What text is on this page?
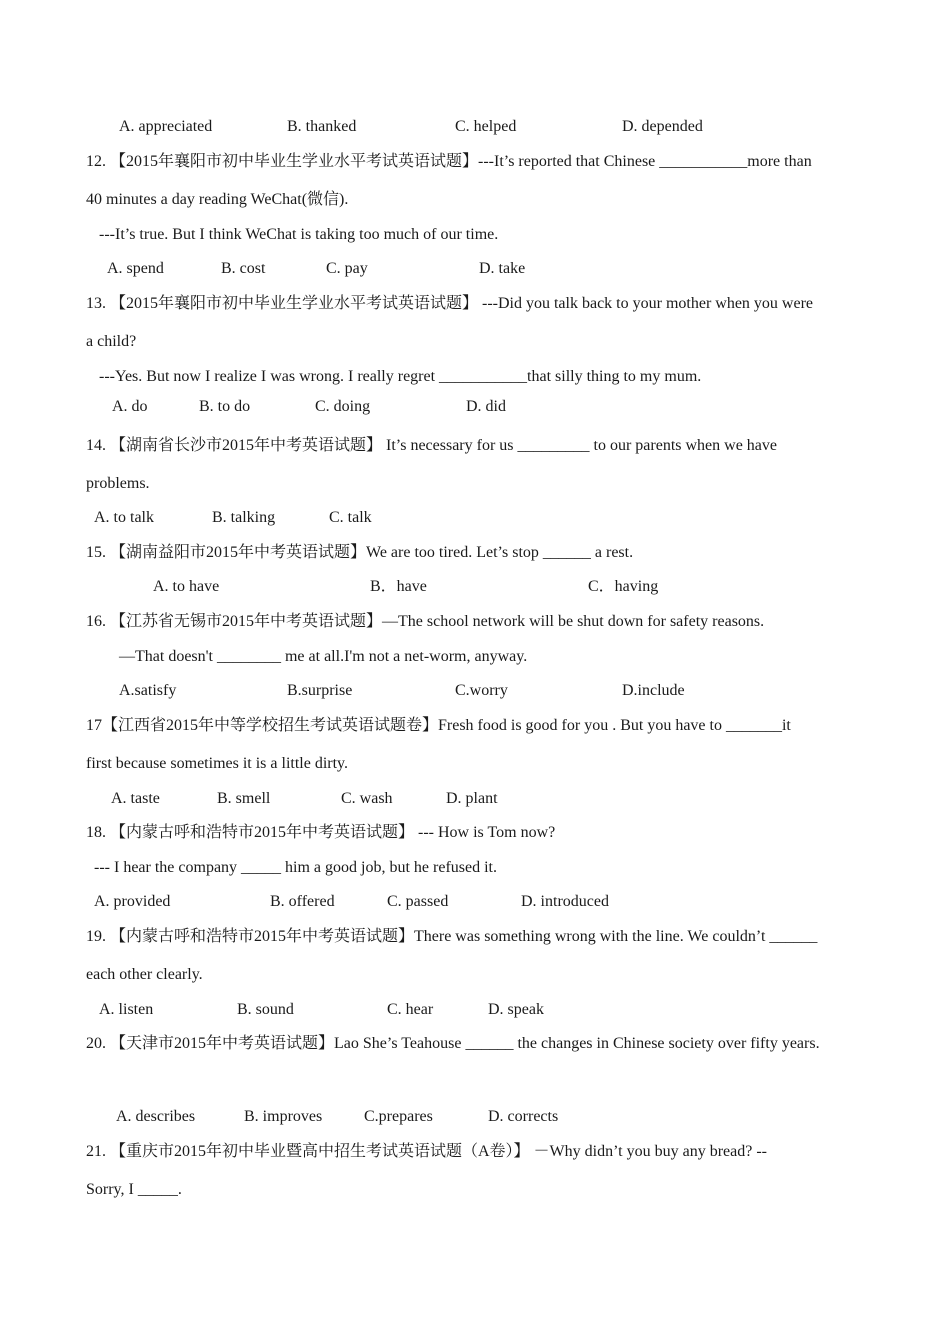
12. 【2015年襄阳市初中毕业生学业水平考试英语试题】---It’s reported that Chinese ___________more than
40 minutes a day reading WeChat(微信).
---It’s true. But I think WeChat is taking too much of our time.
13. 【2015年襄阳市初中毕业生学业水平考试英语试题】 ---Did you talk back to your mother when you were
a child?
---Yes. But now I realize I was wrong. I really regret ___________that silly thing to my mum.
14. 【湖南省长沙市2015年中考英语试题】 It’s necessary for us _________ to our parents when we have
problems.
15. 【湖南益阳市2015年中考英语试题】We are too tired. Let’s stop ______ a rest.
16. 【江苏省无锡市2015年中考英语试题】—The school network will be shut down for safety reasons.
—That doesn't ________ me at all.I'm not a net-worm, anyway.
17【江西省2015年中等学校招生考试英语试题卷】Fresh food is good for you . But you have to _______it
first because sometimes it is a little dirty.
18. 【内蒙古呼和浩特市2015年中考英语试题】 --- How is Tom now?
--- I hear the company _____ him a good job, but he refused it.
19. 【内蒙古呼和浩特市2015年中考英语试题】There was something wrong with the line. We couldn’t ______
each other clearly.
20. 【天津市2015年中考英语试题】Lao She’s Teahouse ______ the changes in Chinese society over fifty years.
21. 【重庆市2015年初中毕业暨高中招生考试英语试题（A卷）】 －Why didn’t you buy any bread? --
Sorry, I _____.
A. appreciated	B. thanked	C. helped	D. depended
A. spend	B. cost	C. pay	D. take
A. do	B. to do	C. doing	D. did
A. to talk	B. talking	C. talk
A. to have	B．have	C．having
A.satisfy	B.surprise	C.worry	D.include
A. taste	B. smell	C. wash	D. plant
A. provided	B. offered	C. passed	D. introduced
A. listen	B. sound	C. hear	D. speak
A. describes	B. improves	C.prepares	D. corrects
